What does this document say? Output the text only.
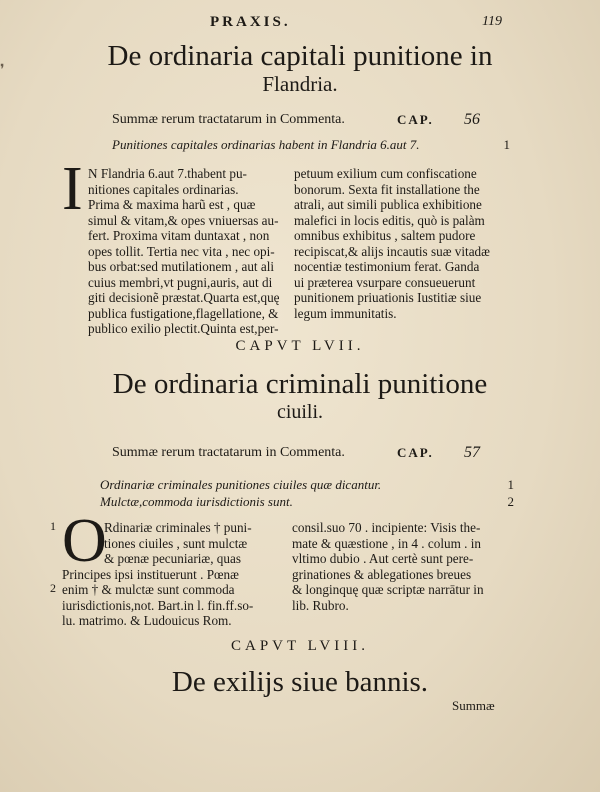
❜
PRAXIS.	119
De ordinaria capitali punitione in
Flandria.
Summæ rerum tractatarum in Commenta.	CAP. 56
Punitiones capitales ordinarias habent in Flandria 6.aut 7.	1
I N Flandria 6.aut 7.thabent pu-
nitiones capitales ordinarias.
Prima & maxima harũ est , quæ
simul & vitam,& opes vniuersas au-
fert. Proxima vitam duntaxat , non
opes tollit. Tertia nec vita , nec opi-
bus orbat:sed mutilationem , aut ali
cuius membri,vt pugni,auris, aut di
giti decisionẽ præstat.Quarta est,quę
publica fustigatione,flagellatione, &
publico exilio plectit.Quinta est,per-
petuum exilium cum confiscatione
bonorum. Sexta fit installatione the
atrali, aut simili publica exhibitione
malefici in locis editis, quò is palàm
omnibus exhibitus , saltem pudore
recipiscat,& alijs incautis suæ vitadæ
nocentiæ testimonium ferat. Ganda
ui præterea vsurpare consueuerunt
punitionem priuationis Iustitiæ siue
legum immunitatis.
CAPVT LVII.
De ordinaria criminali punitione
ciuili.
Summæ rerum tractatarum in Commenta.	CAP. 57
Ordinariæ criminales punitiones ciuiles quæ dicantur.	1
Mulctæ,commoda iurisdictionis sunt.	2
1
2
O
Rdinariæ criminales † puni-
tiones ciuiles , sunt mulctæ
& pœnæ pecuniariæ, quas
Principes ipsi instituerunt . Pœnæ
enim † & mulctæ sunt commoda
iurisdictionis,not. Bart.in l. fin.ff.so-
lu. matrimo. & Ludouicus Rom.
consil.suo 70 . incipiente: Visis the-
mate & quæstione , in 4 . colum . in
vltimo dubio . Aut certè sunt pere-
grinationes & ablegationes breues
& longinquę quæ scriptæ narrātur in
lib. Rubro.
CAPVT LVIII.
De exilijs siue bannis.
Summæ
